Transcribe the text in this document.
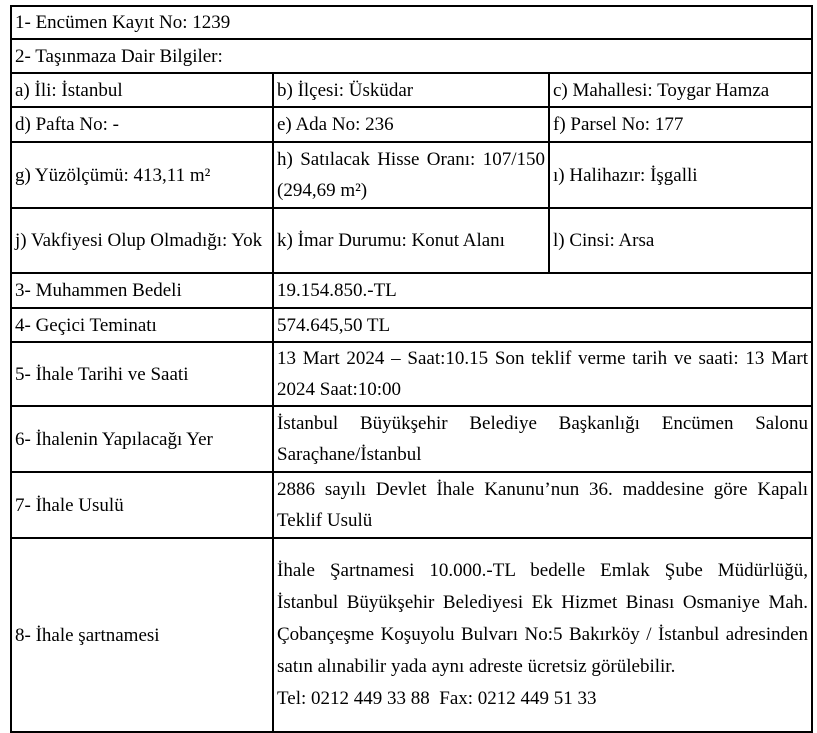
1- Encümen Kayıt No: 1239		
2- Taşınmaza Dair Bilgiler:		
a) İli: İstanbul	b) İlçesi: Üsküdar	c) Mahallesi: Toygar Hamza
d) Pafta No: -	e) Ada No: 236	f) Parsel No: 177
g) Yüzölçümü: 413,11 m²	h) Satılacak Hisse Oranı: 107/150 (294,69 m²)	ı) Halihazır: İşgalli
j) Vakfiyesi Olup Olmadığı: Yok	k) İmar Durumu: Konut Alanı	l) Cinsi: Arsa
3- Muhammen Bedeli	19.154.850.-TL	
4- Geçici Teminatı	574.645,50 TL	
5- İhale Tarihi ve Saati	13 Mart 2024 – Saat:10.15 Son teklif verme tarih ve saati: 13 Mart 2024 Saat:10:00	
6- İhalenin Yapılacağı Yer	İstanbul Büyükşehir Belediye Başkanlığı Encümen Salonu Saraçhane/İstanbul	
7- İhale Usulü	2886 sayılı Devlet İhale Kanunu’nun 36. maddesine göre Kapalı Teklif Usulü	
8- İhale şartnamesi	İhale Şartnamesi 10.000.-TL bedelle Emlak Şube Müdürlüğü, İstanbul Büyükşehir Belediyesi Ek Hizmet Binası Osmaniye Mah. Çobançeşme Koşuyolu Bulvarı No:5 Bakırköy / İstanbul adresinden satın alınabilir yada aynı adreste ücretsiz görülebilir.
Tel: 0212 449 33 88  Fax: 0212 449 51 33	
